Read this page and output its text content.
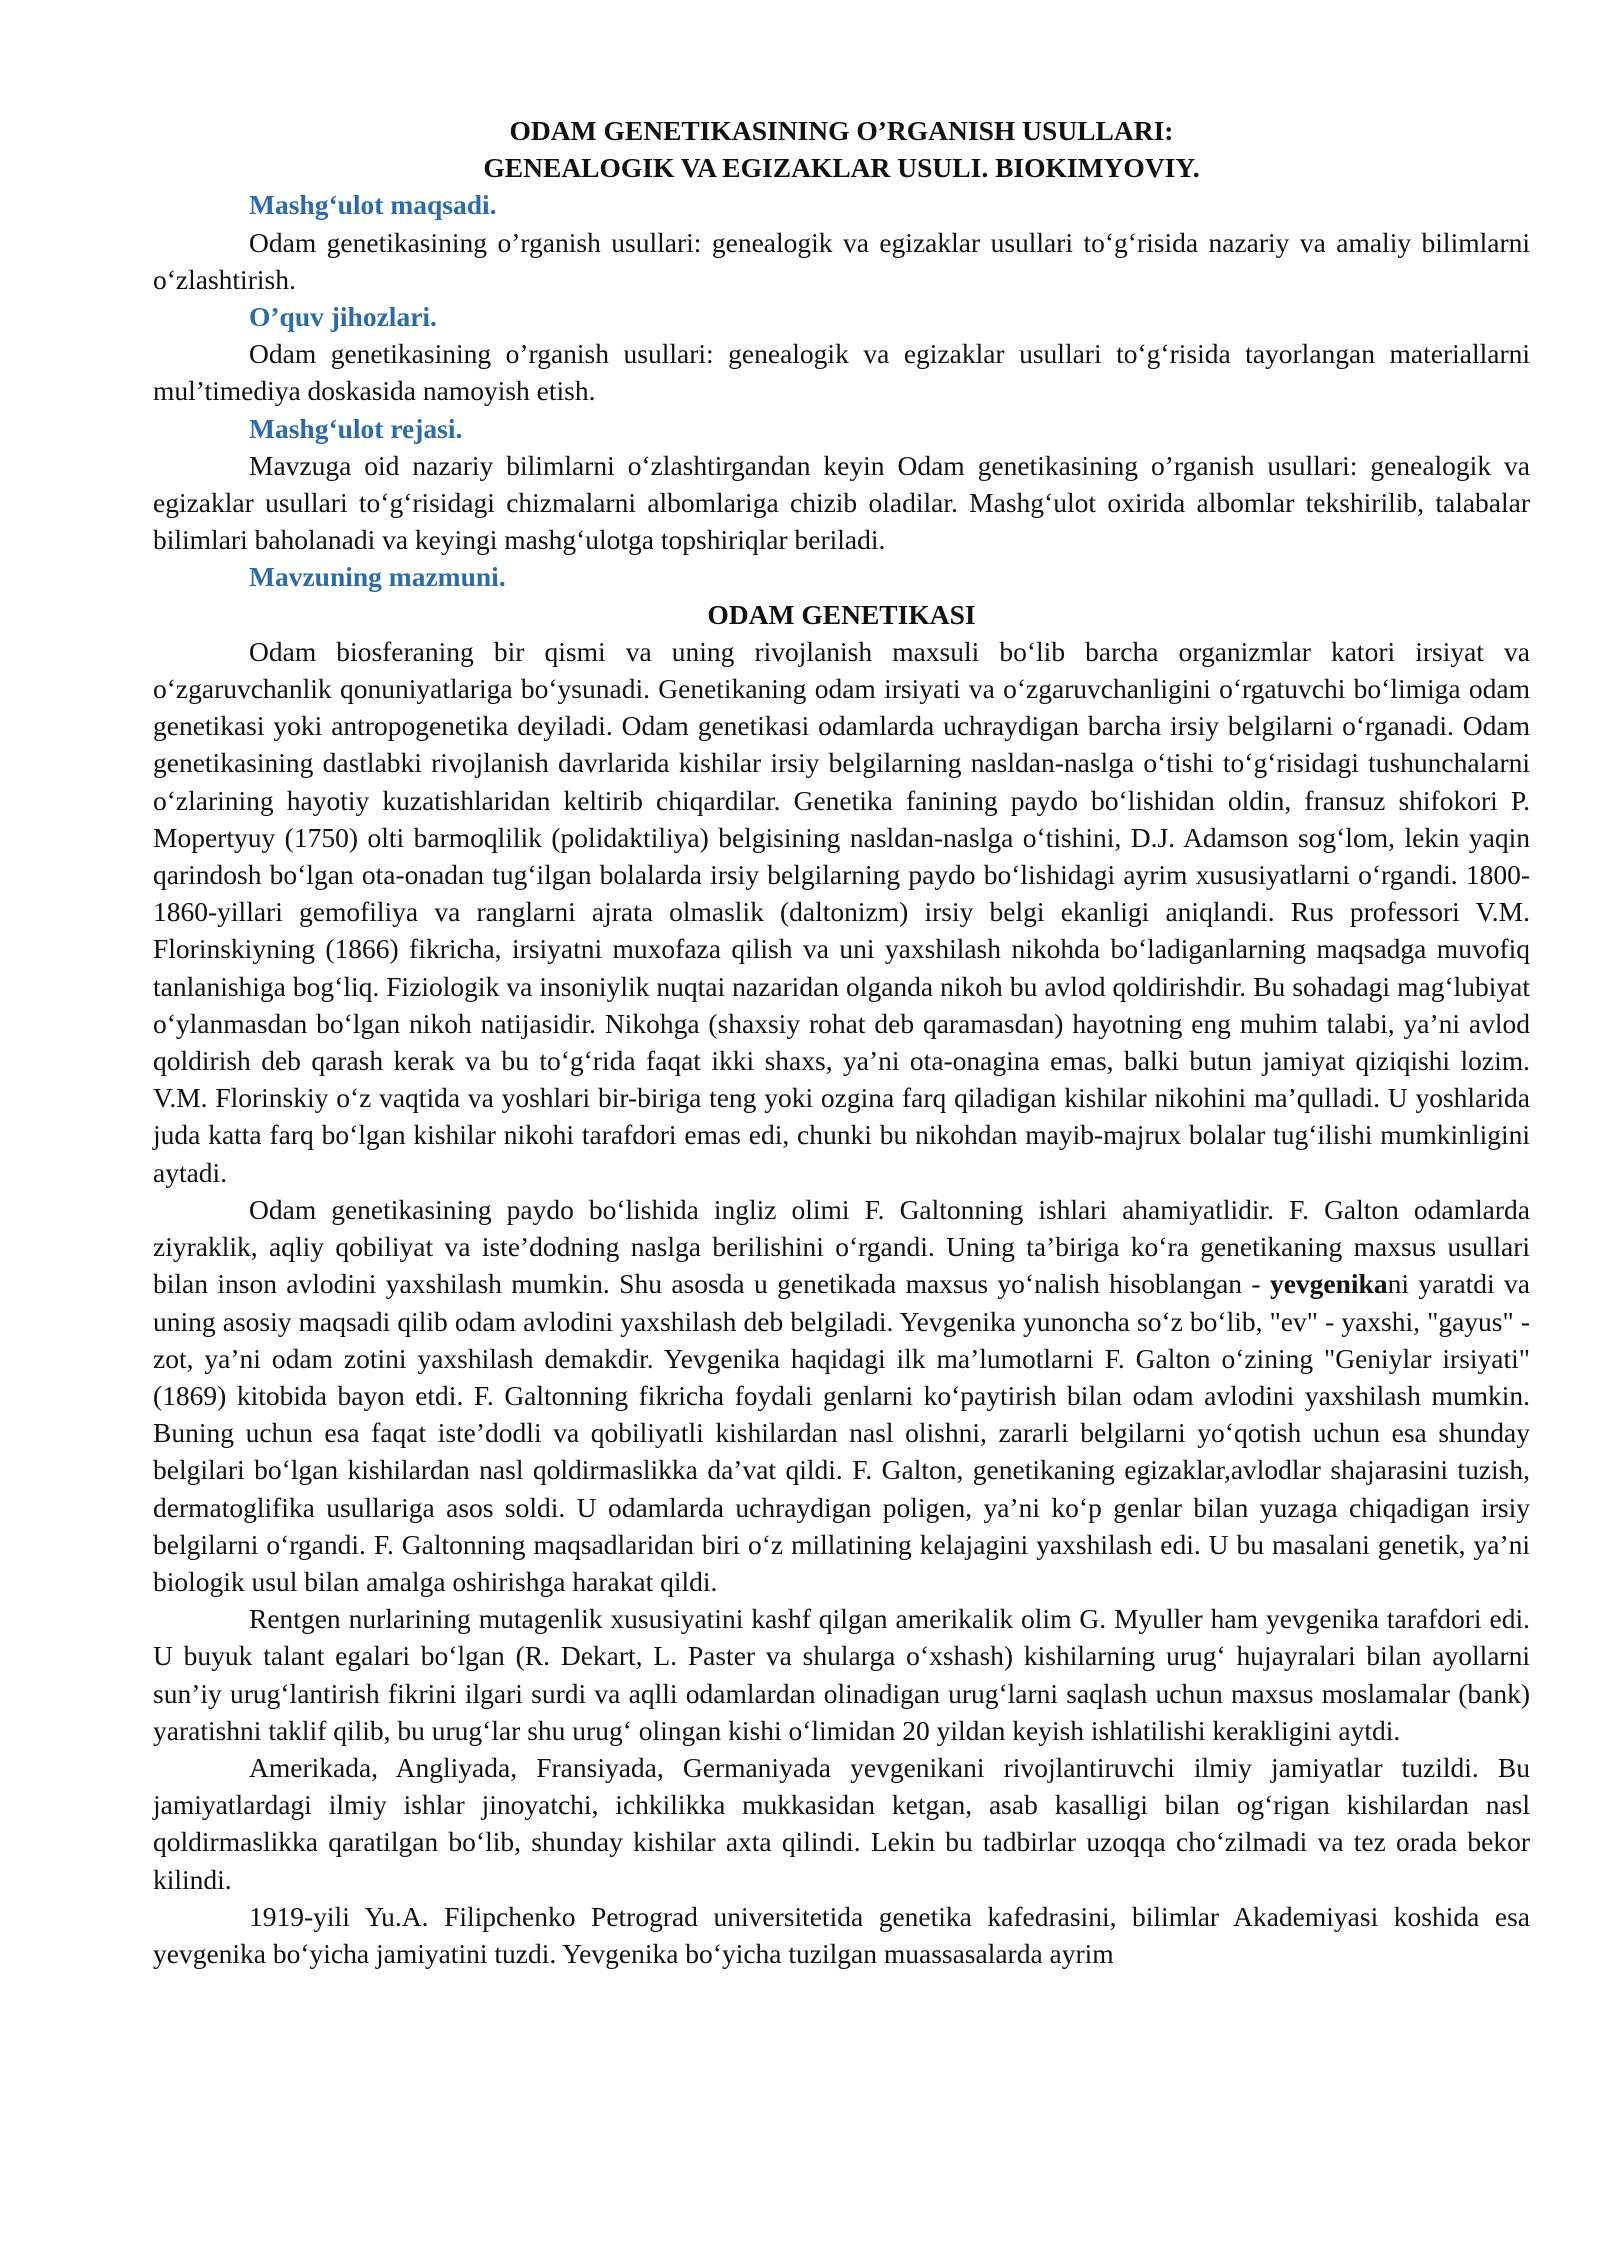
ODAM GENETIKASINING O’RGANISH USULLARI:
GENEALOGIK VA EGIZAKLAR USULI. BIOKIMYOVIY.
Mashg‘ulot maqsadi.

Odam genetikasining o’rganish usullari: genealogik va egizaklar usullari to‘g‘risida nazariy va amaliy bilimlarni o‘zlashtirish.

O’quv jihozlari.

Odam genetikasining o’rganish usullari: genealogik va egizaklar usullari to‘g‘risida tayorlangan materiallarni mul’timediya doskasida namoyish etish.

Mashg‘ulot rejasi.

Mavzuga oid nazariy bilimlarni o‘zlashtirgandan keyin Odam genetikasining o’rganish usullari: genealogik va egizaklar usullari to‘g‘risidagi chizmalarni albomlariga chizib oladilar. Mashg‘ulot oxirida albomlar tekshirilib, talabalar bilimlari baholanadi va keyingi mashg‘ulotga topshiriqlar beriladi.

Mavzuning mazmuni.
ODAM GENETIKASI

Odam biosferaning bir qismi va uning rivojlanish maxsuli bo‘lib barcha organizmlar katori irsiyat va o‘zgaruvchanlik qonuniyatlariga bo‘ysunadi. Genetikaning odam irsiyati va o‘zgaruvchanligini o‘rgatuvchi bo‘limiga odam genetikasi yoki antropogenetika deyiladi. Odam genetikasi odamlarda uchraydigan barcha irsiy belgilarni o‘rganadi. Odam genetikasining dastlabki rivojlanish davrlarida kishilar irsiy belgilarning nasldan-naslga o‘tishi to‘g‘risidagi tushunchalarni o‘zlarining hayotiy kuzatishlaridan keltirib chiqardilar. Genetika fanining paydo bo‘lishidan oldin, fransuz shifokori P. Mopertyuy (1750) olti barmoqlilik (polidaktiliya) belgisining nasldan-naslga o‘tishini, D.J. Adamson sog‘lom, lekin yaqin qarindosh bo‘lgan ota-onadan tug‘ilgan bolalarda irsiy belgilarning paydo bo‘lishidagi ayrim xususiyatlarni o‘rgandi. 1800-1860-yillari gemofiliya va ranglarni ajrata olmaslik (daltonizm) irsiy belgi ekanligi aniqlandi. Rus professori V.M. Florinskiyning (1866) fikricha, irsiyatni muxofaza qilish va uni yaxshilash nikohda bo‘ladiganlarning maqsadga muvofiq tanlanishiga bog‘liq. Fiziologik va insoniylik nuqtai nazaridan olganda nikoh bu avlod qoldirishdir. Bu sohadagi mag‘lubiyat o‘ylanmasdan bo‘lgan nikoh natijasidir. Nikohga (shaxsiy rohat deb qaramasdan) hayotning eng muhim talabi, ya’ni avlod qoldirish deb qarash kerak va bu to‘g‘rida faqat ikki shaxs, ya’ni ota-onagina emas, balki butun jamiyat qiziqishi lozim. V.M. Florinskiy o‘z vaqtida va yoshlari bir-biriga teng yoki ozgina farq qiladigan kishilar nikohini ma’qulladi. U yoshlarida juda katta farq bo‘lgan kishilar nikohi tarafdori emas edi, chunki bu nikohdan mayib-majrux bolalar tug‘ilishi mumkinligini aytadi.

Odam genetikasining paydo bo‘lishida ingliz olimi F. Galtonning ishlari ahamiyatlidir. F. Galton odamlarda ziyraklik, aqliy qobiliyat va iste’dodning naslga berilishini o‘rgandi. Uning ta’biriga ko‘ra genetikaning maxsus usullari bilan inson avlodini yaxshilash mumkin. Shu asosda u genetikada maxsus yo‘nalish hisoblangan - yevgenikani yaratdi va uning asosiy maqsadi qilib odam avlodini yaxshilash deb belgiladi. Yevgenika yunoncha so‘z bo‘lib, "ev" - yaxshi, "gayus" - zot, ya’ni odam zotini yaxshilash demakdir. Yevgenika haqidagi ilk ma’lumotlarni F. Galton o‘zining "Geniylar irsiyati" (1869) kitobida bayon etdi. F. Galtonning fikricha foydali genlarni ko‘paytirish bilan odam avlodini yaxshilash mumkin. Buning uchun esa faqat iste’dodli va qobiliyatli kishilardan nasl olishni, zararli belgilarni yo‘qotish uchun esa shunday belgilari bo‘lgan kishilardan nasl qoldirmaslikka da’vat qildi. F. Galton, genetikaning egizaklar,avlodlar shajarasini tuzish, dermatoglifika usullariga asos soldi. U odamlarda uchraydigan poligen, ya’ni ko‘p genlar bilan yuzaga chiqadigan irsiy belgilarni o‘rgandi. F. Galtonning maqsadlaridan biri o‘z millatining kelajagini yaxshilash edi. U bu masalani genetik, ya’ni biologik usul bilan amalga oshirishga harakat qildi.

Rentgen nurlarining mutagenlik xususiyatini kashf qilgan amerikalik olim G. Myuller ham yevgenika tarafdori edi. U buyuk talant egalari bo‘lgan (R. Dekart, L. Paster va shularga o‘xshash) kishilarning urug‘ hujayralari bilan ayollarni sun’iy urug‘lantirish fikrini ilgari surdi va aqlli odamlardan olinadigan urug‘larni saqlash uchun maxsus moslamalar (bank) yaratishni taklif qilib, bu urug‘lar shu urug‘ olingan kishi o‘limidan 20 yildan keyish ishlatilishi kerakligini aytdi.

Amerikada, Angliyada, Fransiyada, Germaniyada yevgenikani rivojlantiruvchi ilmiy jamiyatlar tuzildi. Bu jamiyatlardagi ilmiy ishlar jinoyatchi, ichkilikka mukkasidan ketgan, asab kasalligi bilan og‘rigan kishilardan nasl qoldirmaslikka qaratilgan bo‘lib, shunday kishilar axta qilindi. Lekin bu tadbirlar uzoqqa cho‘zilmadi va tez orada bekor kilindi.

1919-yili Yu.A. Filipchenko Petrograd universitetida genetika kafedrasini, bilimlar Akademiyasi koshida esa yevgenika bo‘yicha jamiyatini tuzdi. Yevgenika bo‘yicha tuzilgan muassasalarda ayrim
